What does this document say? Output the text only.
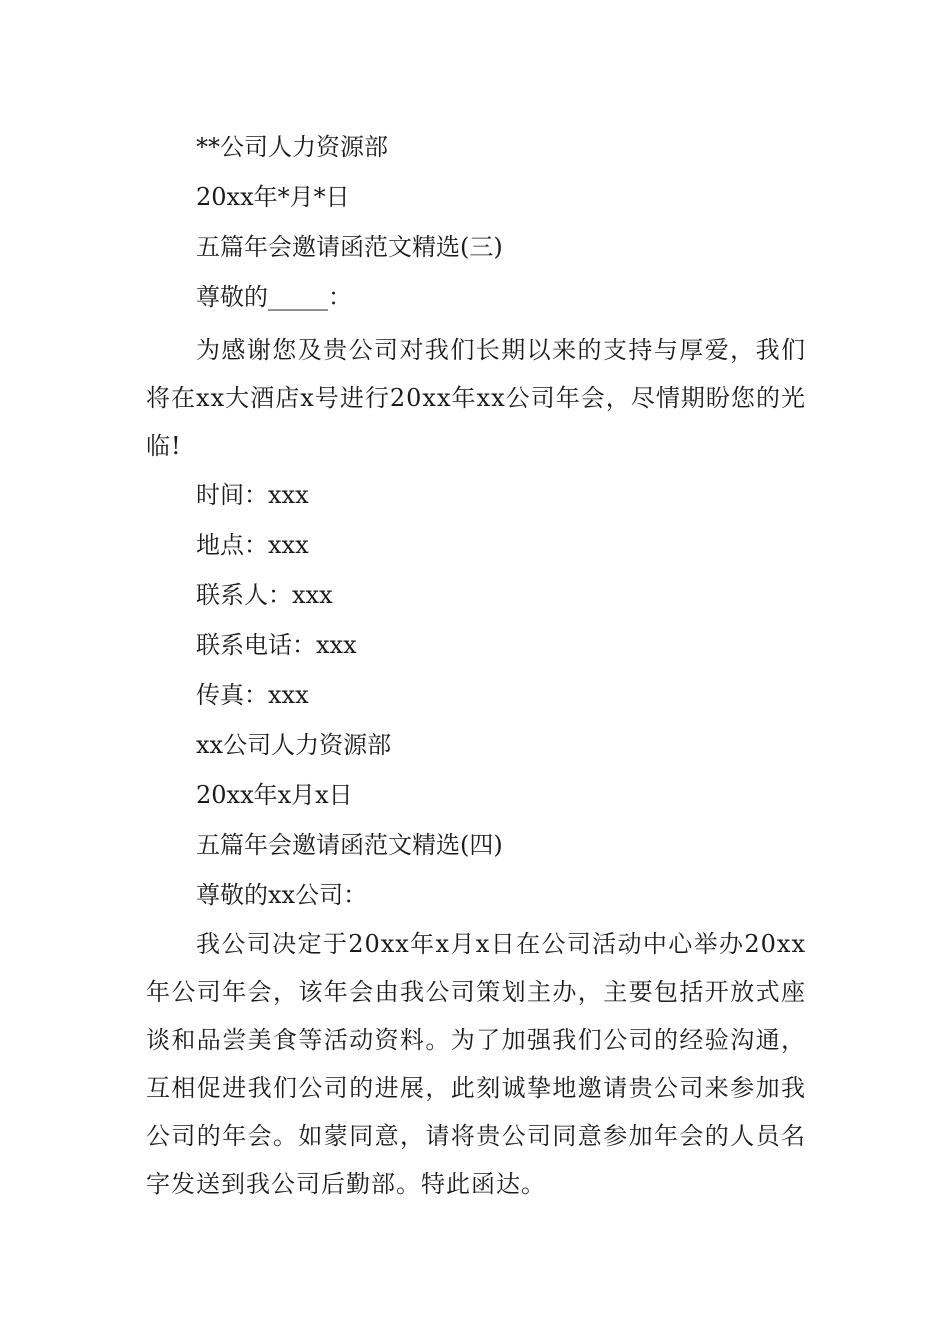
**公司人力资源部

20xx年*月*日

五篇年会邀请函范文精选(三)

尊敬的_____：

为感谢您及贵公司对我们长期以来的支持与厚爱，我们将在xx大酒店x号进行20xx年xx公司年会，尽情期盼您的光临!

时间：xxx

地点：xxx

联系人：xxx

联系电话：xxx

传真：xxx

xx公司人力资源部

20xx年x月x日

五篇年会邀请函范文精选(四)

尊敬的xx公司：

我公司决定于20xx年x月x日在公司活动中心举办20xx年公司年会，该年会由我公司策划主办，主要包括开放式座谈和品尝美食等活动资料。为了加强我们公司的经验沟通，互相促进我们公司的进展，此刻诚挚地邀请贵公司来参加我公司的年会。如蒙同意，请将贵公司同意参加年会的人员名字发送到我公司后勤部。特此函达。
